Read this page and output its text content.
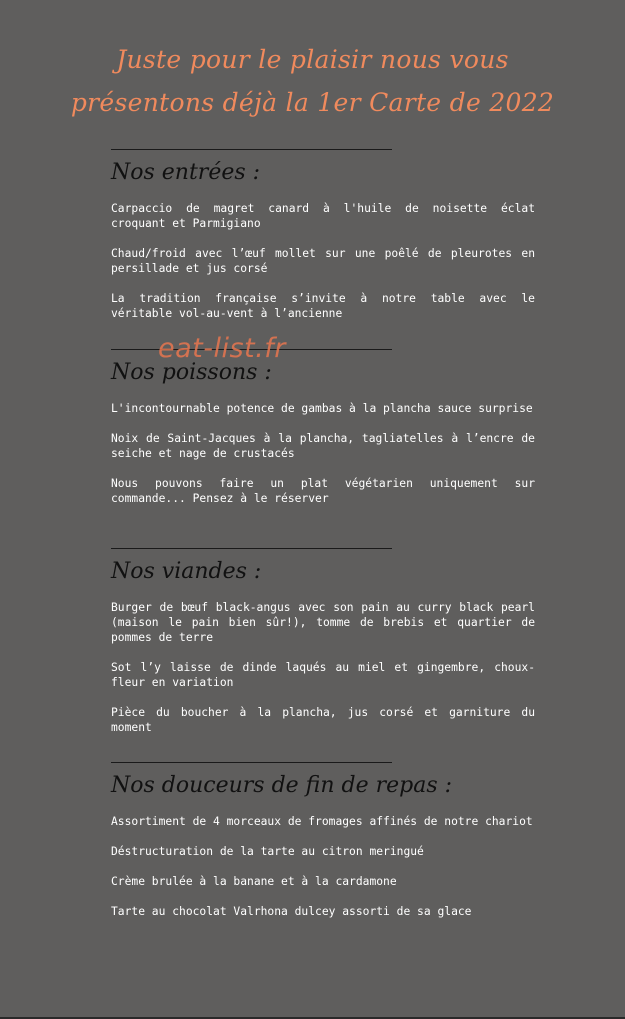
Juste pour le plaisir nous vous
présentons déjà la 1er Carte de 2022
Nos entrées :
Carpaccio de magret canard à l'huile de noisette éclat croquant et Parmigiano
Chaud/froid avec l’œuf mollet sur une poêlé de pleurotes en persillade et jus corsé
La tradition française s’invite à notre table avec le véritable vol-au-vent à l’ancienne
Nos poissons :
L'incontournable potence de gambas à la plancha sauce surprise
Noix de Saint-Jacques à la plancha, tagliatelles à l’encre de seiche et nage de crustacés
Nous pouvons faire un plat végétarien uniquement sur commande... Pensez à le réserver
Nos viandes :
Burger de bœuf black-angus avec son pain au curry black pearl (maison le pain bien sûr!), tomme de brebis et quartier de pommes de terre
Sot l’y laisse de dinde laqués au miel et gingembre, choux-fleur en variation
Pièce du boucher à la plancha, jus corsé et garniture du moment
Nos douceurs de fin de repas :
Assortiment de 4 morceaux de fromages affinés de notre chariot
Déstructuration de la tarte au citron meringué
Crème brulée à la banane et à la cardamone
Tarte au chocolat Valrhona dulcey assorti de sa glace
eat-list.fr
